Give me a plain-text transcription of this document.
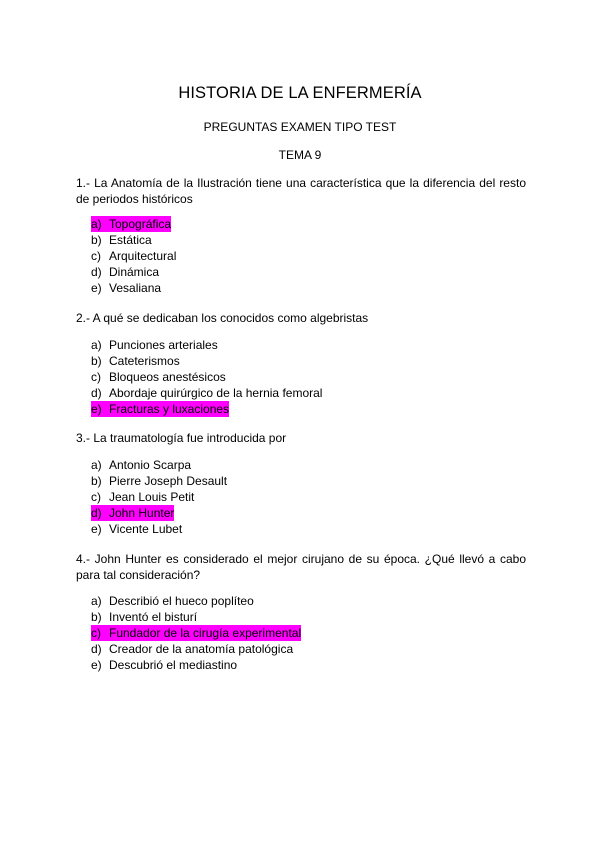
HISTORIA DE LA ENFERMERÍA
PREGUNTAS EXAMEN TIPO TEST
TEMA 9

1.- La Anatomía de la Ilustración tiene una característica que la diferencia del resto de periodos históricos

a) Topográfica
b) Estática
c) Arquitectural
d) Dinámica
e) Vesaliana

2.- A qué se dedicaban los conocidos como algebristas

a) Punciones arteriales
b) Cateterismos
c) Bloqueos anestésicos
d) Abordaje quirúrgico de la hernia femoral
e) Fracturas y luxaciones

3.- La traumatología fue introducida por

a) Antonio Scarpa
b) Pierre Joseph Desault
c) Jean Louis Petit
d) John Hunter
e) Vicente Lubet

4.- John Hunter es considerado el mejor cirujano de su época. ¿Qué llevó a cabo para tal consideración?

a) Describió el hueco poplíteo
b) Inventó el bisturí
c) Fundador de la cirugía experimental
d) Creador de la anatomía patológica
e) Descubrió el mediastino
